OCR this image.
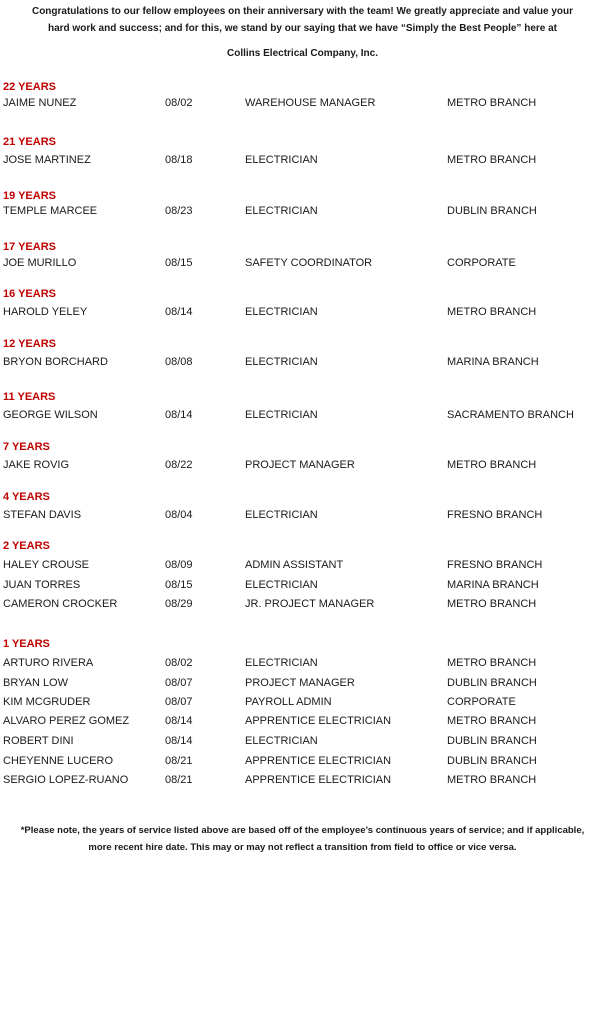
Congratulations to our fellow employees on their anniversary with the team! We greatly appreciate and value your
hard work and success; and for this, we stand by our saying that we have “Simply the Best People” here at
Collins Electrical Company, Inc.
22 YEARS
JAIME NUNEZ	08/02	WAREHOUSE MANAGER	METRO BRANCH
21 YEARS
JOSE MARTINEZ	08/18	ELECTRICIAN	METRO BRANCH
19 YEARS
TEMPLE MARCEE	08/23	ELECTRICIAN	DUBLIN BRANCH
17 YEARS
JOE MURILLO	08/15	SAFETY COORDINATOR	CORPORATE
16 YEARS
HAROLD YELEY	08/14	ELECTRICIAN	METRO BRANCH
12 YEARS
BRYON BORCHARD	08/08	ELECTRICIAN	MARINA BRANCH
11 YEARS
GEORGE WILSON	08/14	ELECTRICIAN	SACRAMENTO BRANCH
7 YEARS
JAKE ROVIG	08/22	PROJECT MANAGER	METRO BRANCH
4 YEARS
STEFAN DAVIS	08/04	ELECTRICIAN	FRESNO BRANCH
2 YEARS
HALEY CROUSE	08/09	ADMIN ASSISTANT	FRESNO BRANCH
JUAN TORRES	08/15	ELECTRICIAN	MARINA BRANCH
CAMERON CROCKER	08/29	JR. PROJECT MANAGER	METRO BRANCH
1 YEARS
ARTURO RIVERA	08/02	ELECTRICIAN	METRO BRANCH
BRYAN LOW	08/07	PROJECT MANAGER	DUBLIN BRANCH
KIM MCGRUDER	08/07	PAYROLL ADMIN	CORPORATE
ALVARO PEREZ GOMEZ	08/14	APPRENTICE ELECTRICIAN	METRO BRANCH
ROBERT DINI	08/14	ELECTRICIAN	DUBLIN BRANCH
CHEYENNE LUCERO	08/21	APPRENTICE ELECTRICIAN	DUBLIN BRANCH
SERGIO LOPEZ-RUANO	08/21	APPRENTICE ELECTRICIAN	METRO BRANCH
*Please note, the years of service listed above are based off of the employee’s continuous years of service; and if applicable,
more recent hire date. This may or may not reflect a transition from field to office or vice versa.
